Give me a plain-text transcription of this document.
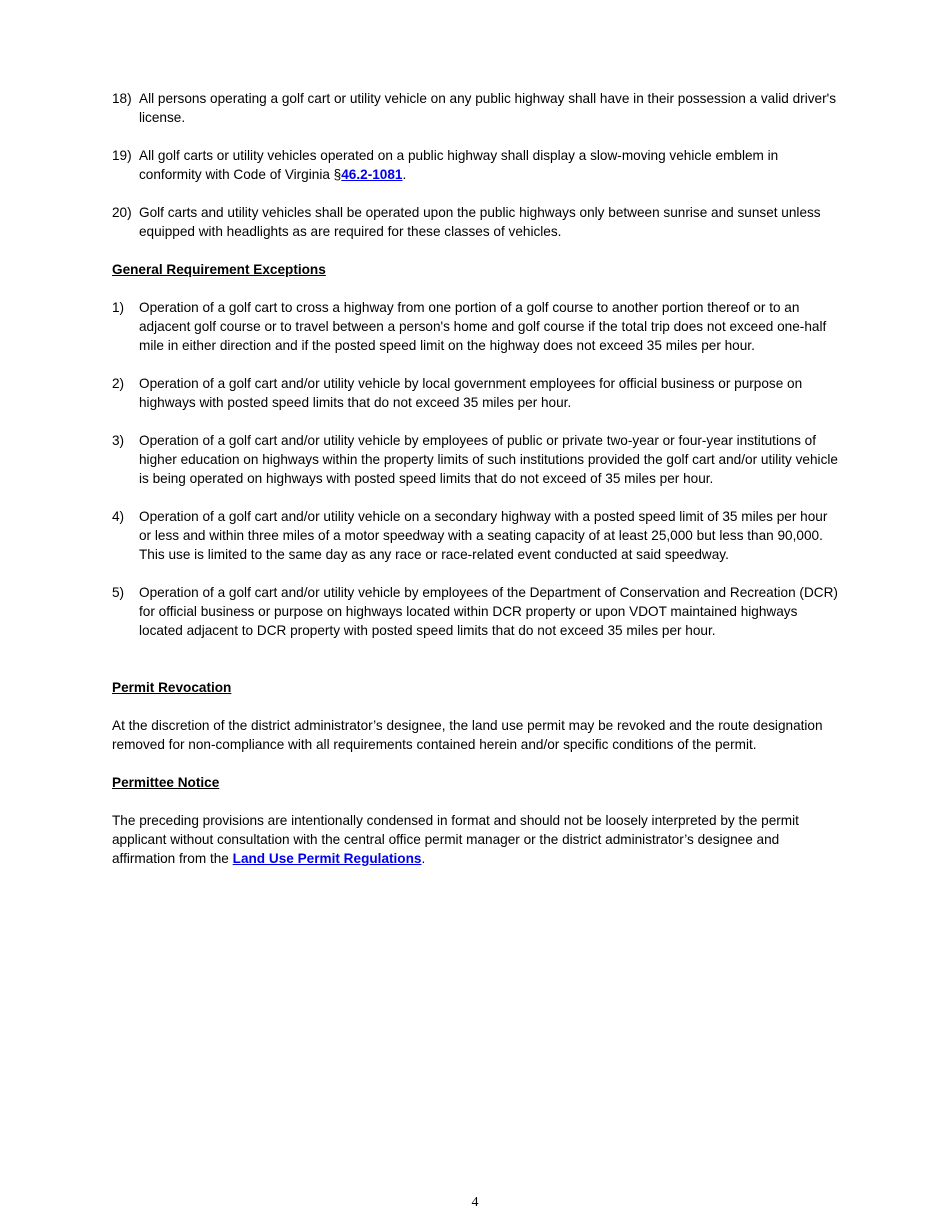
18) All persons operating a golf cart or utility vehicle on any public highway shall have in their possession a valid driver's license.
19) All golf carts or utility vehicles operated on a public highway shall display a slow-moving vehicle emblem in conformity with Code of Virginia §46.2-1081.
20) Golf carts and utility vehicles shall be operated upon the public highways only between sunrise and sunset unless equipped with headlights as are required for these classes of vehicles.
General Requirement Exceptions
1)	Operation of a golf cart to cross a highway from one portion of a golf course to another portion thereof or to an adjacent golf course or to travel between a person's home and golf course if the total trip does not exceed one-half mile in either direction and if the posted speed limit on the highway does not exceed 35 miles per hour.
2)	Operation of a golf cart and/or utility vehicle by local government employees for official business or purpose on highways with posted speed limits that do not exceed 35 miles per hour.
3)	Operation of a golf cart and/or utility vehicle by employees of public or private two-year or four-year institutions of higher education on highways within the property limits of such institutions provided the golf cart and/or utility vehicle is being operated on highways with posted speed limits that do not exceed of 35 miles per hour.
4)	Operation of a golf cart and/or utility vehicle on a secondary highway with a posted speed limit of 35 miles per hour or less and within three miles of a motor speedway with a seating capacity of at least 25,000 but less than 90,000. This use is limited to the same day as any race or race-related event conducted at said speedway.
5)	Operation of a golf cart and/or utility vehicle by employees of the Department of Conservation and Recreation (DCR) for official business or purpose on highways located within DCR property or upon VDOT maintained highways located adjacent to DCR property with posted speed limits that do not exceed 35 miles per hour.
Permit Revocation
At the discretion of the district administrator’s designee, the land use permit may be revoked and the route designation removed for non-compliance with all requirements contained herein and/or specific conditions of the permit.
Permittee Notice
The preceding provisions are intentionally condensed in format and should not be loosely interpreted by the permit applicant without consultation with the central office permit manager or the district administrator’s designee and affirmation from the Land Use Permit Regulations.
4
